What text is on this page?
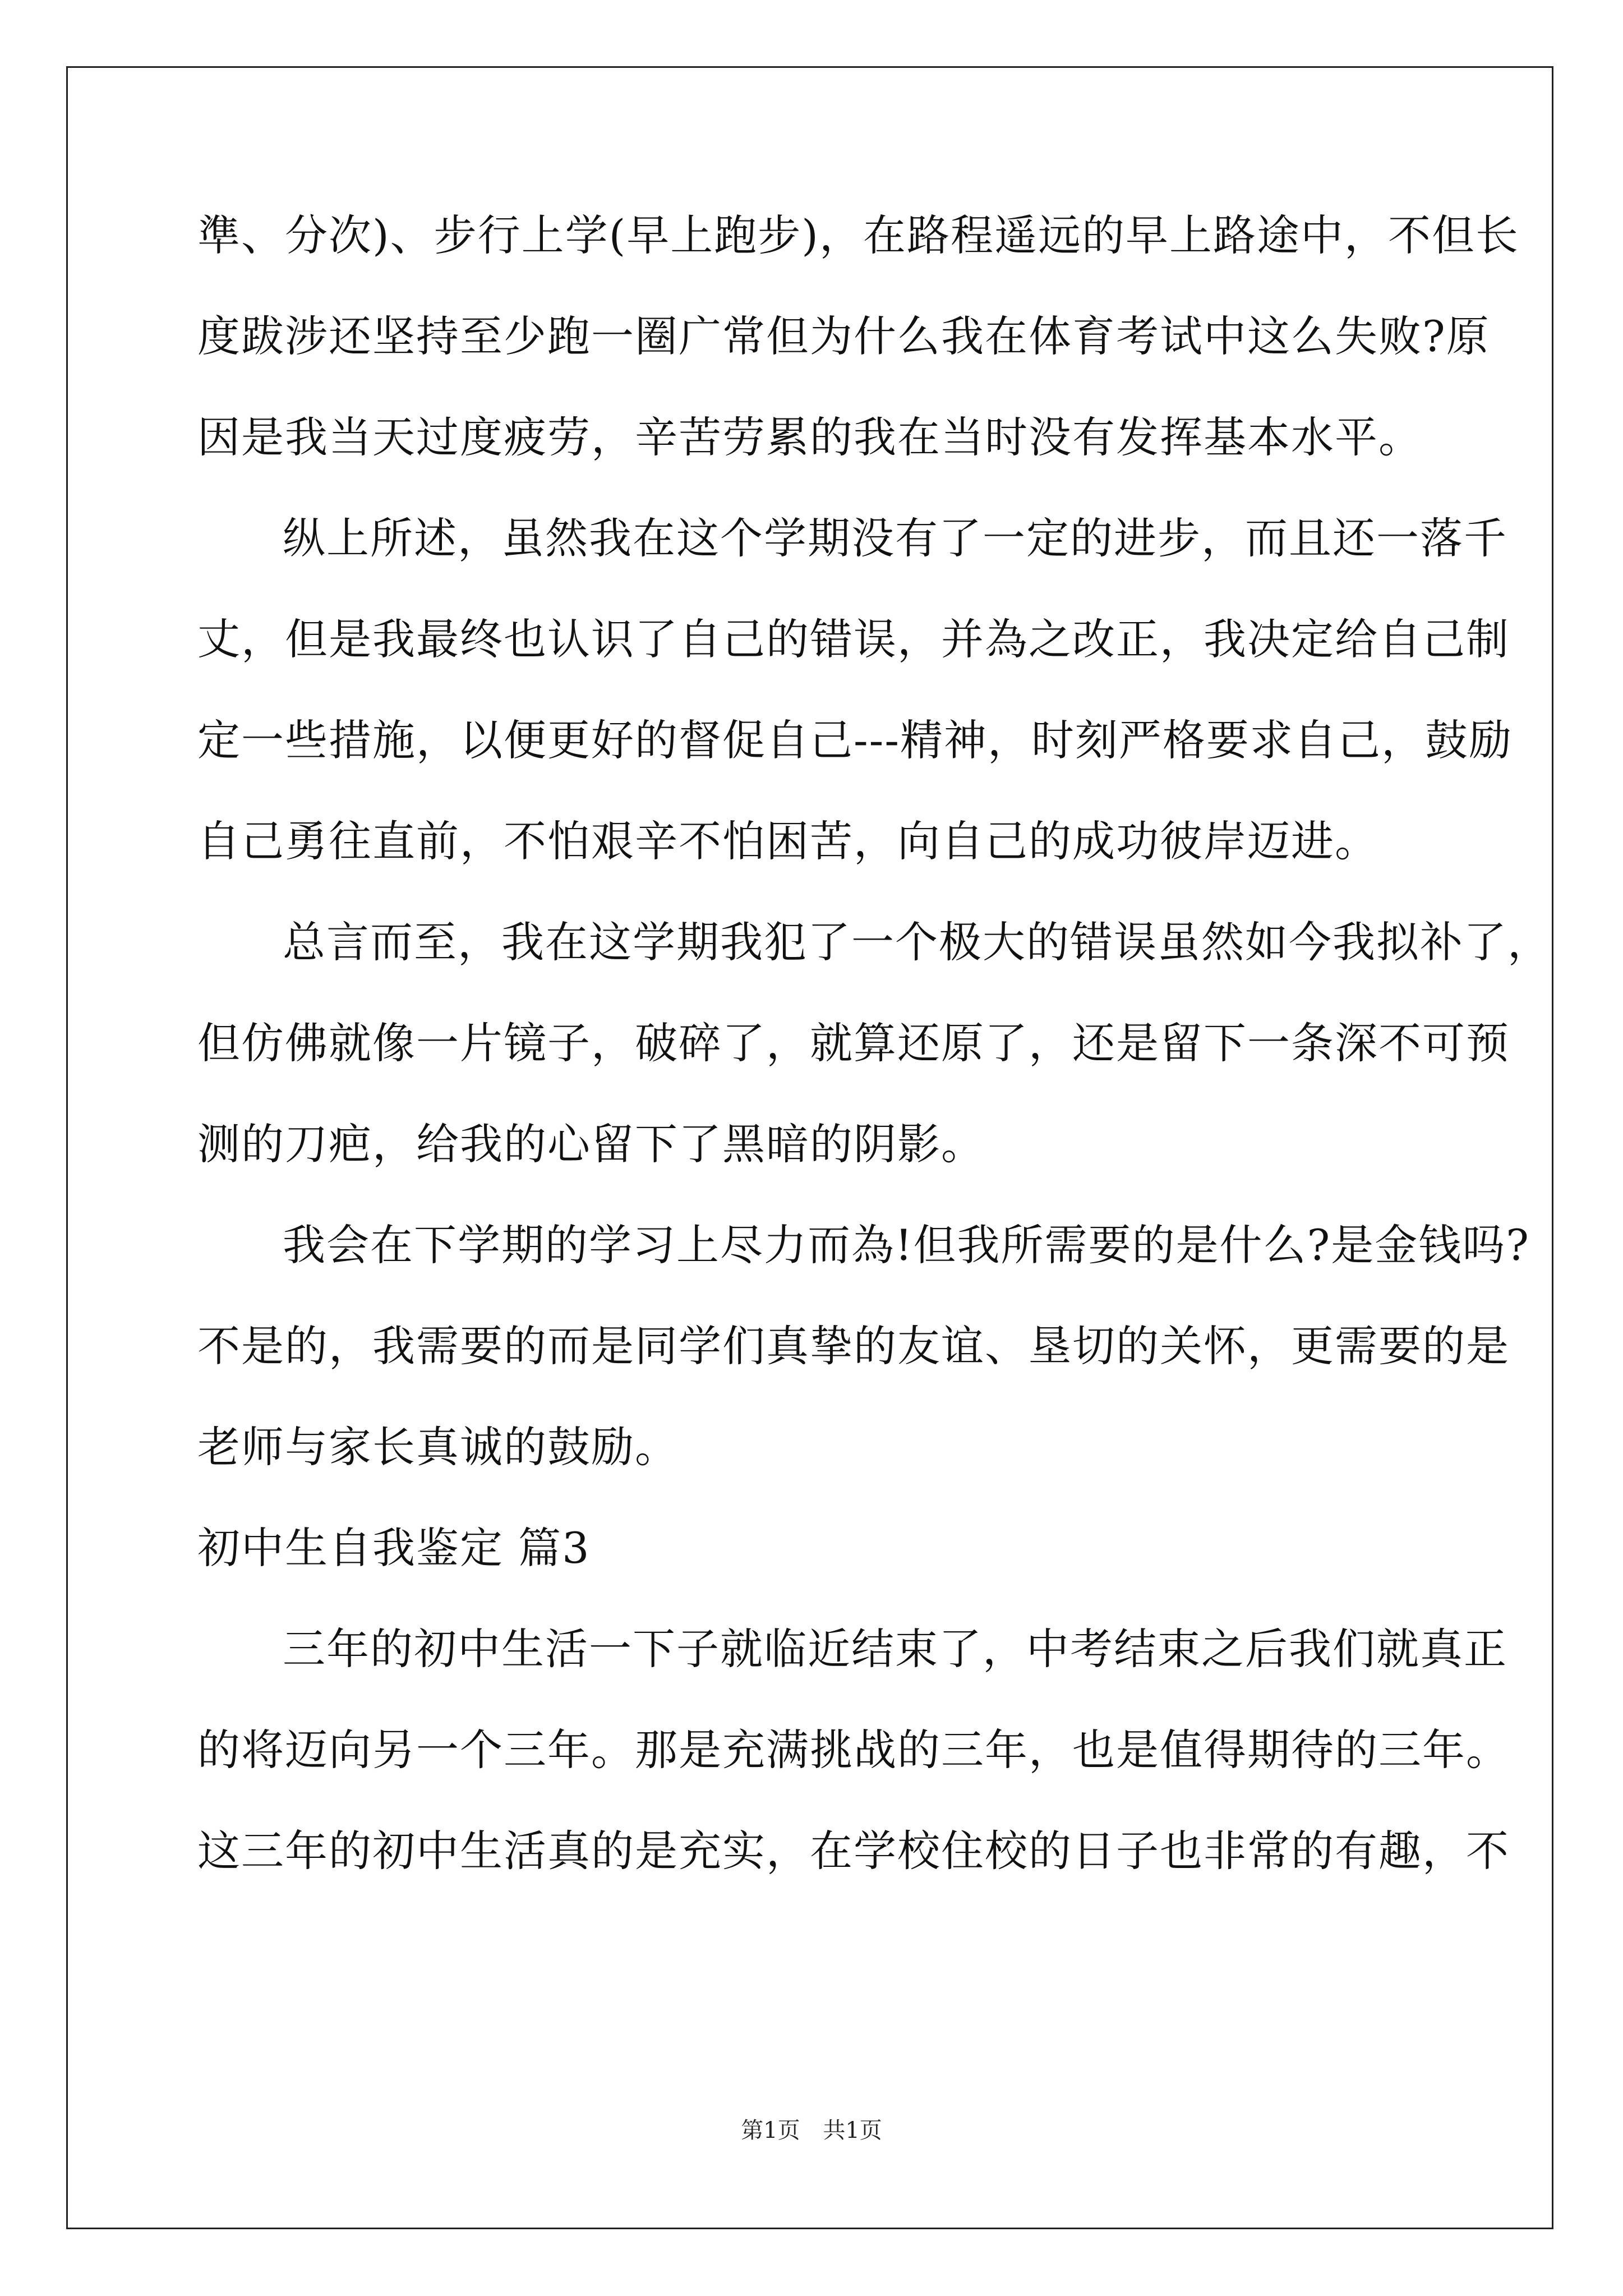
準、分次)、步行上学(早上跑步)，在路程遥远的早上路途中，不但长
度跋涉还坚持至少跑一圈广常但为什么我在体育考试中这么失败?原
因是我当天过度疲劳，辛苦劳累的我在当时没有发挥基本水平。
纵上所述，虽然我在这个学期没有了一定的进步，而且还一落千
丈，但是我最终也认识了自己的错误，并為之改正，我决定给自己制
定一些措施，以便更好的督促自己---精神，时刻严格要求自己，鼓励
自己勇往直前，不怕艰辛不怕困苦，向自己的成功彼岸迈进。
总言而至，我在这学期我犯了一个极大的错误虽然如今我拟补了，
但仿佛就像一片镜子，破碎了，就算还原了，还是留下一条深不可预
测的刀疤，给我的心留下了黑暗的阴影。
我会在下学期的学习上尽力而為!但我所需要的是什么?是金钱吗?
不是的，我需要的而是同学们真挚的友谊、垦切的关怀，更需要的是
老师与家长真诚的鼓励。
初中生自我鉴定 篇3
三年的初中生活一下子就临近结束了，中考结束之后我们就真正
的将迈向另一个三年。那是充满挑战的三年，也是值得期待的三年。
这三年的初中生活真的是充实，在学校住校的日子也非常的有趣，不
第1页 共1页
